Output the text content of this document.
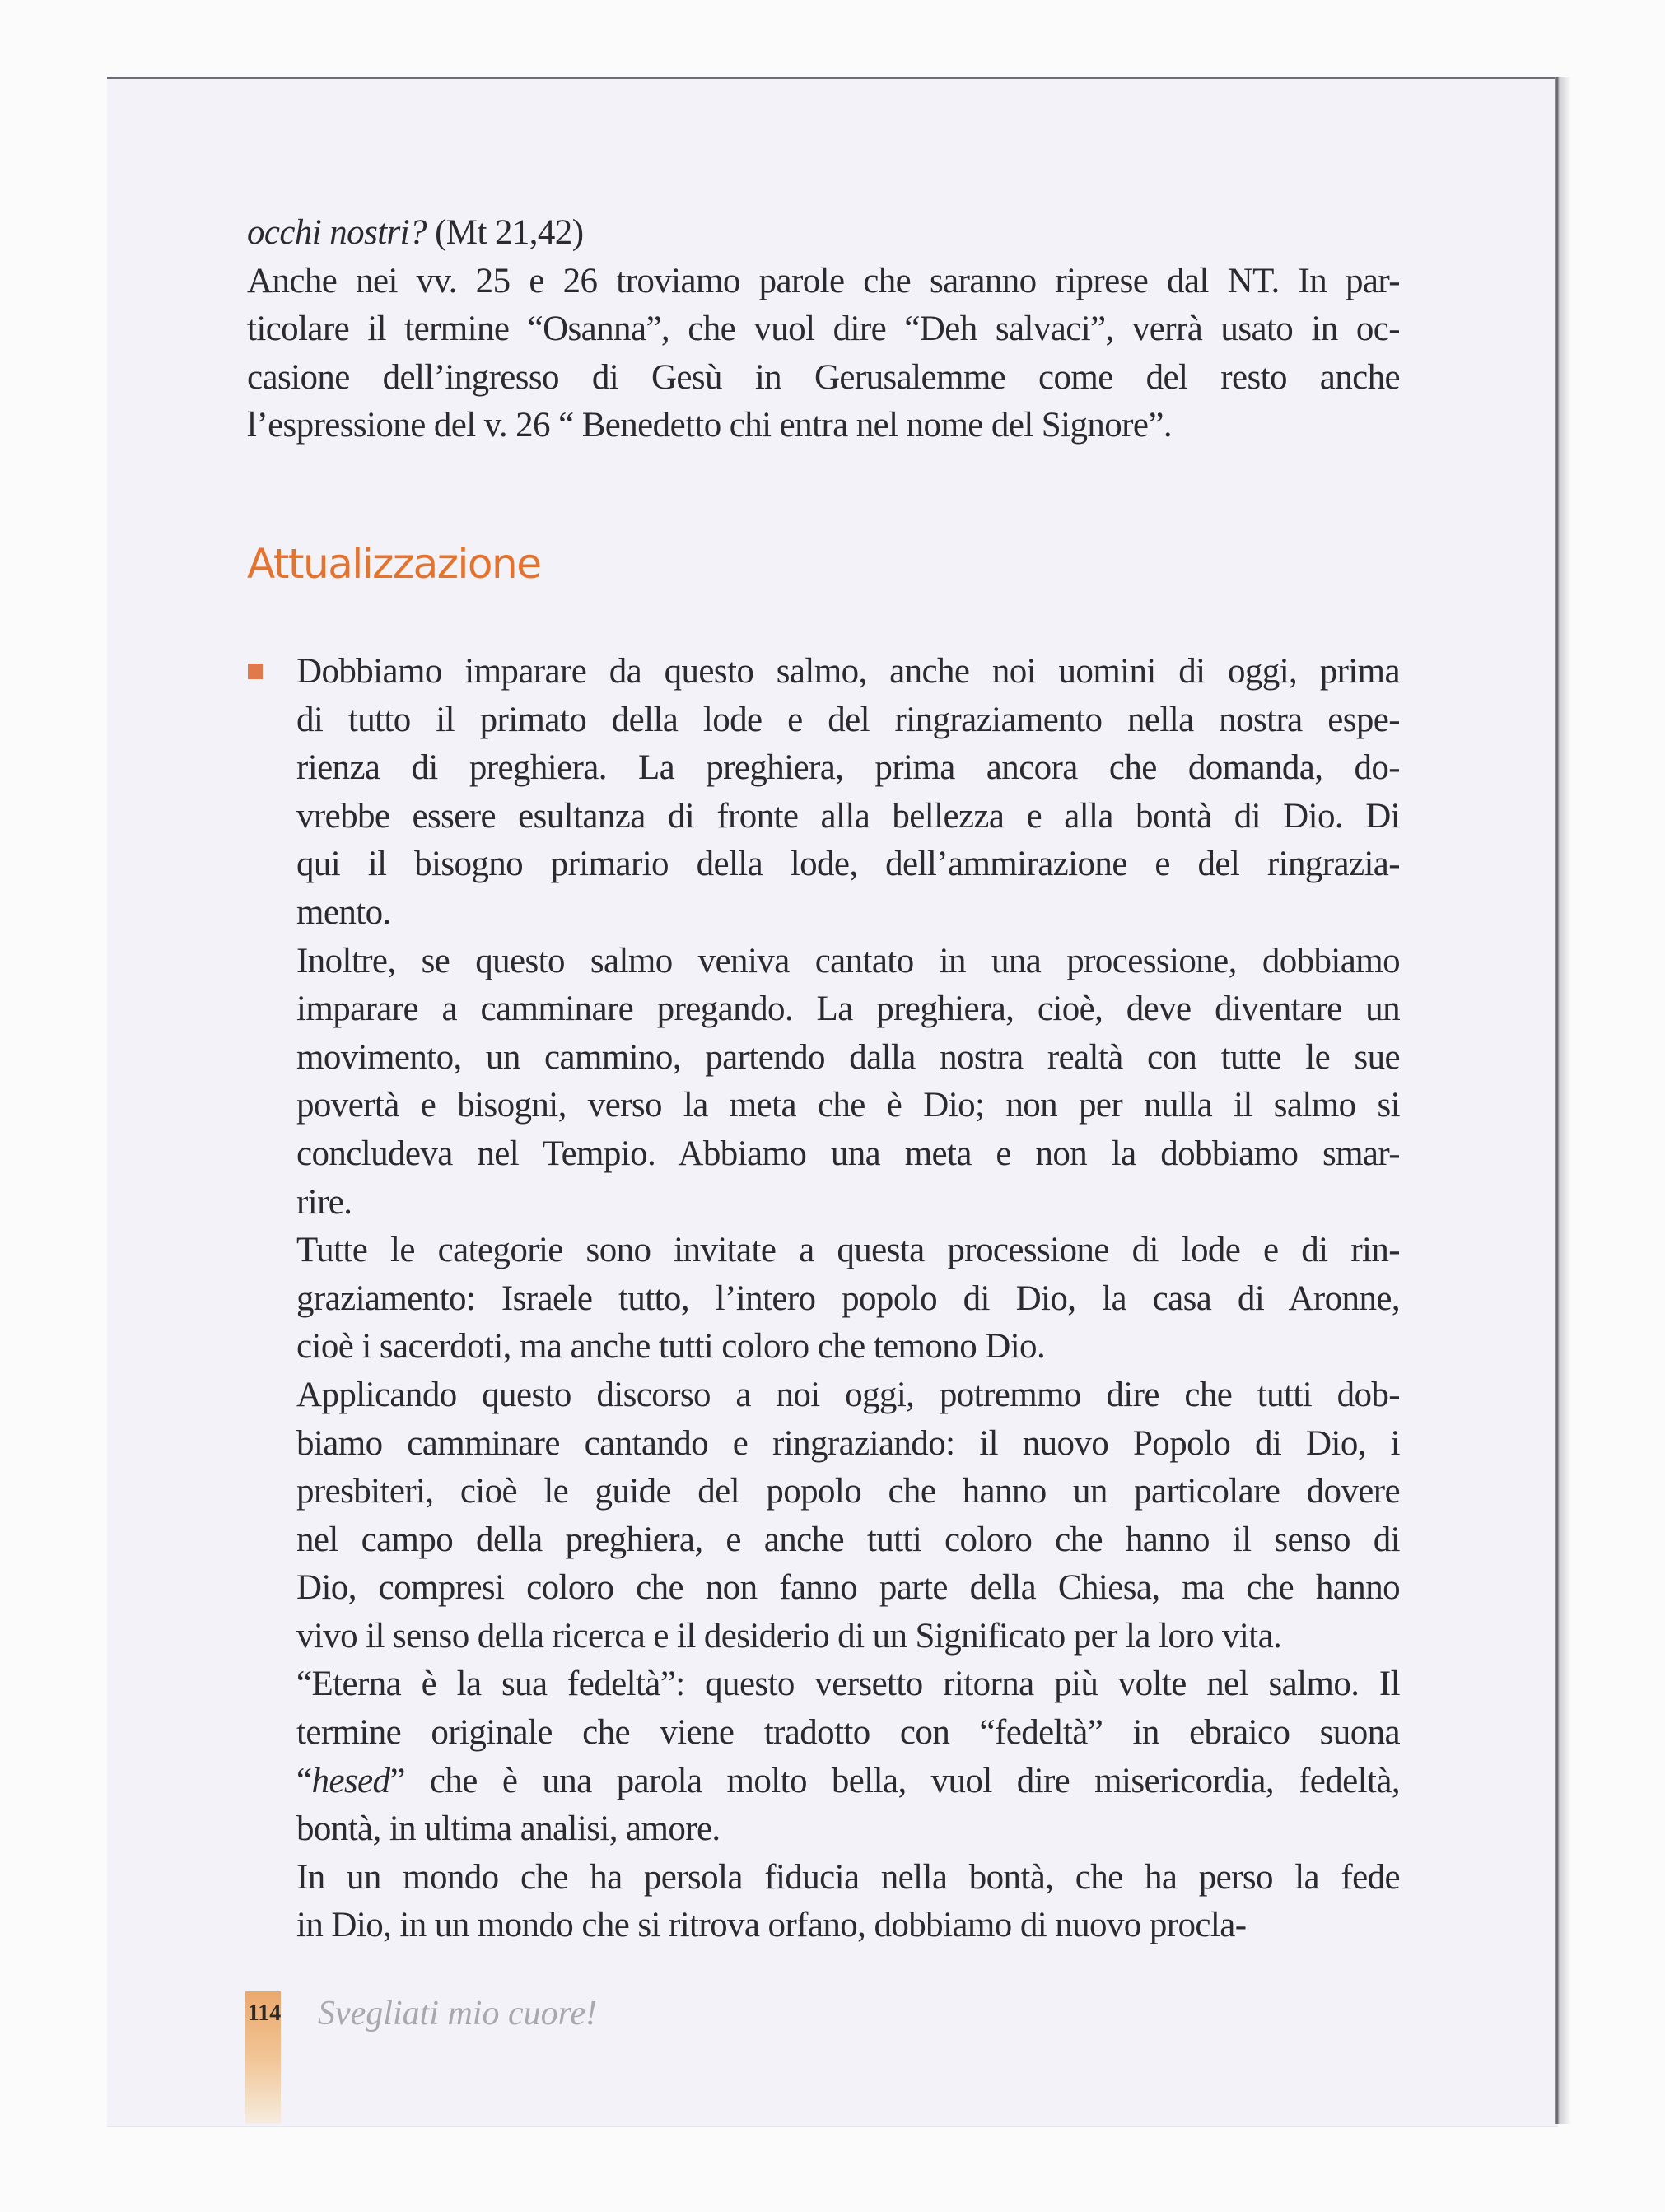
occhi nostri? (Mt 21,42)
Anche nei vv. 25 e 26 troviamo parole che saranno riprese dal NT. In par-
ticolare il termine “Osanna”, che vuol dire “Deh salvaci”, verrà usato in oc-
casione dell’ingresso di Gesù in Gerusalemme come del resto anche
l’espressione del v. 26 “ Benedetto chi entra nel nome del Signore”.
Attualizzazione
Dobbiamo imparare da questo salmo, anche noi uomini di oggi, prima
di tutto il primato della lode e del ringraziamento nella nostra espe-
rienza di preghiera. La preghiera, prima ancora che domanda, do-
vrebbe essere esultanza di fronte alla bellezza e alla bontà di Dio. Di
qui il bisogno primario della lode, dell’ammirazione e del ringrazia-
mento.
Inoltre, se questo salmo veniva cantato in una processione, dobbiamo
imparare a camminare pregando. La preghiera, cioè, deve diventare un
movimento, un cammino, partendo dalla nostra realtà con tutte le sue
povertà e bisogni, verso la meta che è Dio; non per nulla il salmo si
concludeva nel Tempio. Abbiamo una meta e non la dobbiamo smar-
rire.
Tutte le categorie sono invitate a questa processione di lode e di rin-
graziamento: Israele tutto, l’intero popolo di Dio, la casa di Aronne,
cioè i sacerdoti, ma anche tutti coloro che temono Dio.
Applicando questo discorso a noi oggi, potremmo dire che tutti dob-
biamo camminare cantando e ringraziando: il nuovo Popolo di Dio, i
presbiteri, cioè le guide del popolo che hanno un particolare dovere
nel campo della preghiera, e anche tutti coloro che hanno il senso di
Dio, compresi coloro che non fanno parte della Chiesa, ma che hanno
vivo il senso della ricerca e il desiderio di un Significato per la loro vita.
“Eterna è la sua fedeltà”: questo versetto ritorna più volte nel salmo. Il
termine originale che viene tradotto con “fedeltà” in ebraico suona
“hesed” che è una parola molto bella, vuol dire misericordia, fedeltà,
bontà, in ultima analisi, amore.
In un mondo che ha persola fiducia nella bontà, che ha perso la fede
in Dio, in un mondo che si ritrova orfano, dobbiamo di nuovo procla-
114 Svegliati mio cuore!
